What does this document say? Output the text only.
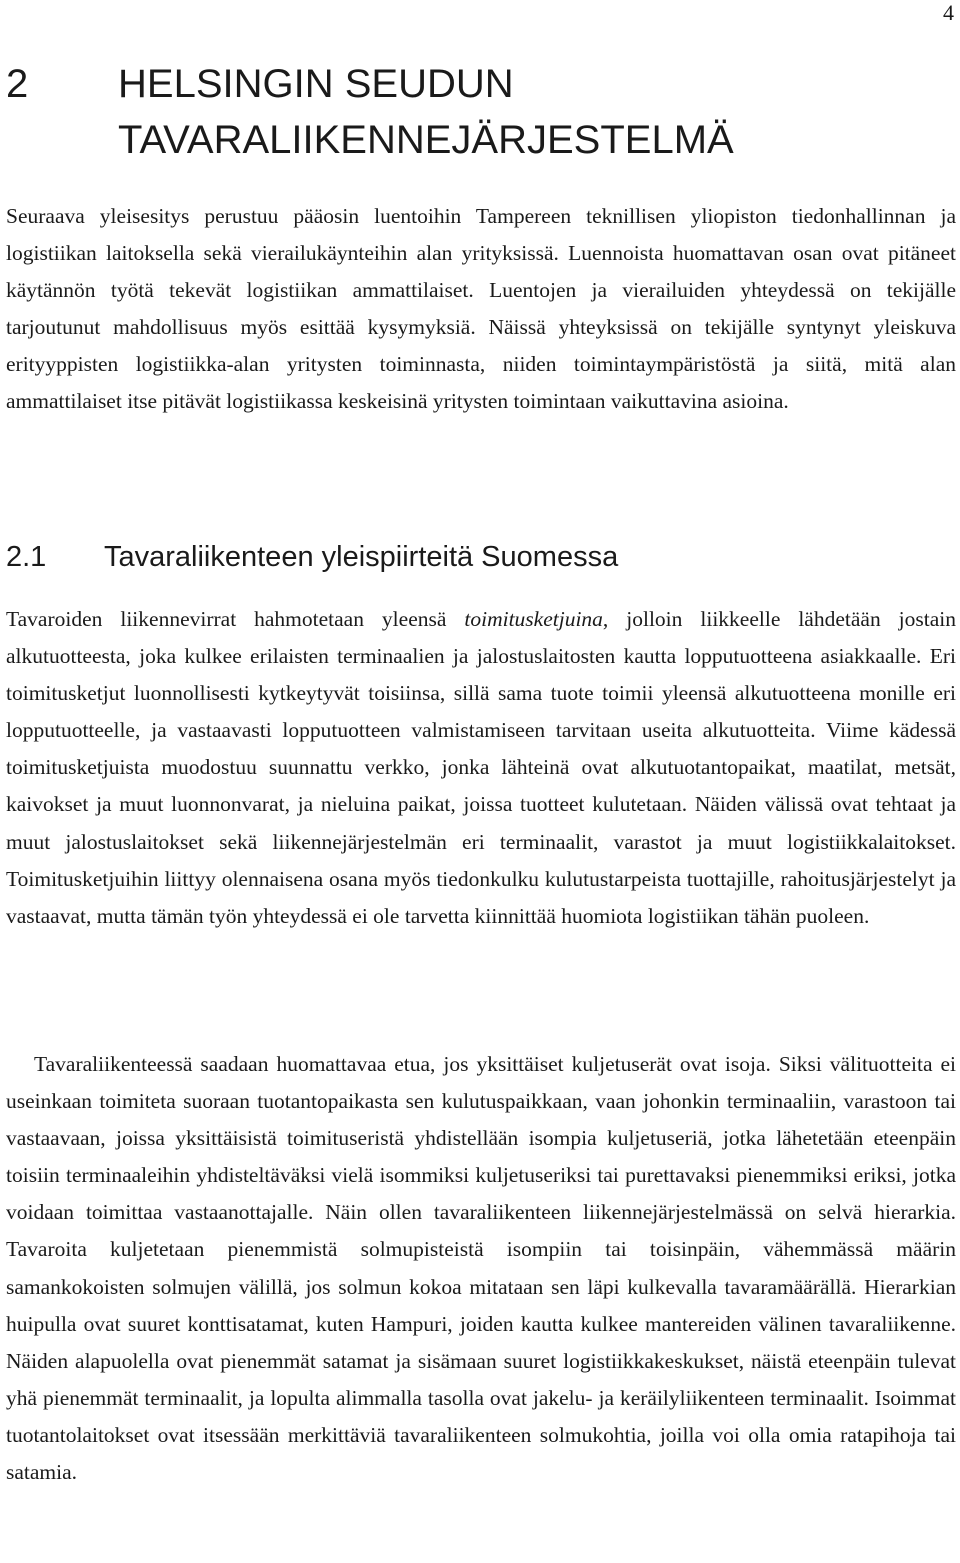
4
2	HELSINGIN SEUDUN TAVARALIIKENNEJÄRJESTELMÄ

Seuraava yleisesitys perustuu pääosin luentoihin Tampereen teknillisen yliopiston tiedonhallinnan ja logistiikan laitoksella sekä vierailukäynteihin alan yrityksissä. Luennoista huomattavan osan ovat pitäneet käytännön työtä tekevät logistiikan ammattilaiset. Luentojen ja vierailuiden yhteydessä on tekijälle tarjoutunut mahdollisuus myös esittää kysymyksiä. Näissä yhteyksissä on tekijälle syntynyt yleiskuva erityyppisten logistiikka-alan yritysten toiminnasta, niiden toimintaympäristöstä ja siitä, mitä alan ammattilaiset itse pitävät logistiikassa keskeisinä yritysten toimintaan vaikuttavina asioina.

2.1	Tavaraliikenteen yleispiirteitä Suomessa

Tavaroiden liikennevirrat hahmotetaan yleensä toimitusketjuina, jolloin liikkeelle lähdetään jostain alkutuotteesta, joka kulkee erilaisten terminaalien ja jalostuslaitosten kautta lopputuotteena asiakkaalle. Eri toimitusketjut luonnollisesti kytkeytyvät toisiinsa, sillä sama tuote toimii yleensä alkutuotteena monille eri lopputuotteelle, ja vastaavasti lopputuotteen valmistamiseen tarvitaan useita alkutuotteita. Viime kädessä toimitusketjuista muodostuu suunnattu verkko, jonka lähteinä ovat alkutuotantopaikat, maatilat, metsät, kaivokset ja muut luonnonvarat, ja nieluina paikat, joissa tuotteet kulutetaan. Näiden välissä ovat tehtaat ja muut jalostuslaitokset sekä liikennejärjestelmän eri terminaalit, varastot ja muut logistiikkalaitokset. Toimitusketjuihin liittyy olennaisena osana myös tiedonkulku kulutustarpeista tuottajille, rahoitusjärjestelyt ja vastaavat, mutta tämän työn yhteydessä ei ole tarvetta kiinnittää huomiota logistiikan tähän puoleen.

Tavaraliikenteessä saadaan huomattavaa etua, jos yksittäiset kuljetuserät ovat isoja. Siksi välituotteita ei useinkaan toimiteta suoraan tuotantopaikasta sen kulutuspaikkaan, vaan johonkin terminaaliin, varastoon tai vastaavaan, joissa yksittäisistä toimituseristä yhdistellään isompia kuljetuseriä, jotka lähetetään eteenpäin toisiin terminaaleihin yhdisteltäväksi vielä isommiksi kuljetuseriksi tai purettavaksi pienemmiksi eriksi, jotka voidaan toimittaa vastaanottajalle. Näin ollen tavaraliikenteen liikennejärjestelmässä on selvä hierarkia. Tavaroita kuljetetaan pienemmistä solmupisteistä isompiin tai toisinpäin, vähemmässä määrin samankokoisten solmujen välillä, jos solmun kokoa mitataan sen läpi kulkevalla tavaramäärällä. Hierarkian huipulla ovat suuret konttisatamat, kuten Hampuri, joiden kautta kulkee mantereiden välinen tavaraliikenne. Näiden alapuolella ovat pienemmät satamat ja sisämaan suuret logistiikkakeskukset, näistä eteenpäin tulevat yhä pienemmät terminaalit, ja lopulta alimmalla tasolla ovat jakelu- ja keräilyliikenteen terminaalit. Isoimmat tuotantolaitokset ovat itsessään merkittäviä tavaraliikenteen solmukohtia, joilla voi olla omia ratapihoja tai satamia.
